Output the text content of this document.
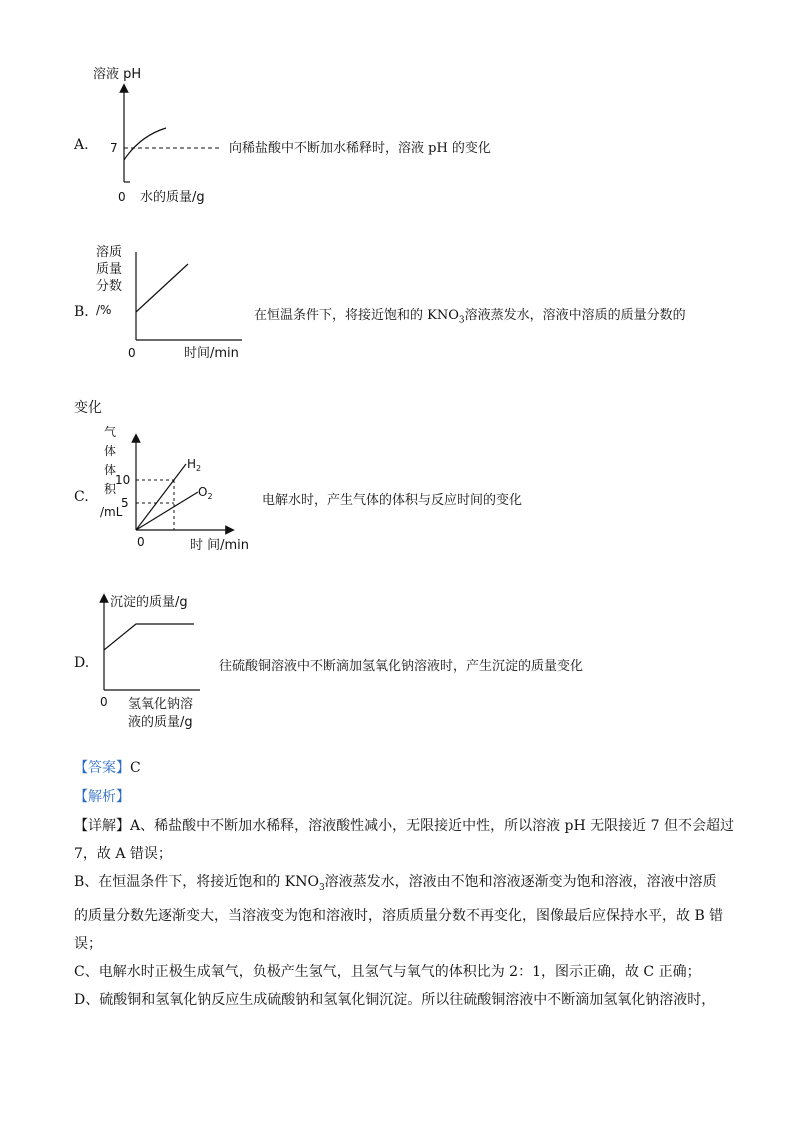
A.
溶液 pH
7
0 水的质量/g
向稀盐酸中不断加水稀释时，溶液 pH 的变化
B.
溶质
质量
分数
/%
0	时间/min
在恒温条件下，将接近饱和的 $KNO_3$溶液蒸发水，溶液中溶质的质量分数的
变化
C.
气
体
体
积
/mL
10
5
$H_2$
$O_2$
0	时 间/min
电解水时，产生气体的体积与反应时间的变化
D.
沉淀的质量/g
0 氢氧化钠溶
液的质量/g
往硫酸铜溶液中不断滴加氢氧化钠溶液时，产生沉淀的质量变化
【答案】C
【解析】
【详解】A、稀盐酸中不断加水稀释，溶液酸性减小，无限接近中性，所以溶液 pH 无限接近 7 但不会超过
7，故 A 错误；
B、在恒温条件下，将接近饱和的 $KNO_3$溶液蒸发水，溶液由不饱和溶液逐渐变为饱和溶液，溶液中溶质
的质量分数先逐渐变大，当溶液变为饱和溶液时，溶质质量分数不再变化，图像最后应保持水平，故 B 错
误；
C、电解水时正极生成氧气，负极产生氢气，且氢气与氧气的体积比为 2：1，图示正确，故 C 正确；
D、硫酸铜和氢氧化钠反应生成硫酸钠和氢氧化铜沉淀。所以往硫酸铜溶液中不断滴加氢氧化钠溶液时，
